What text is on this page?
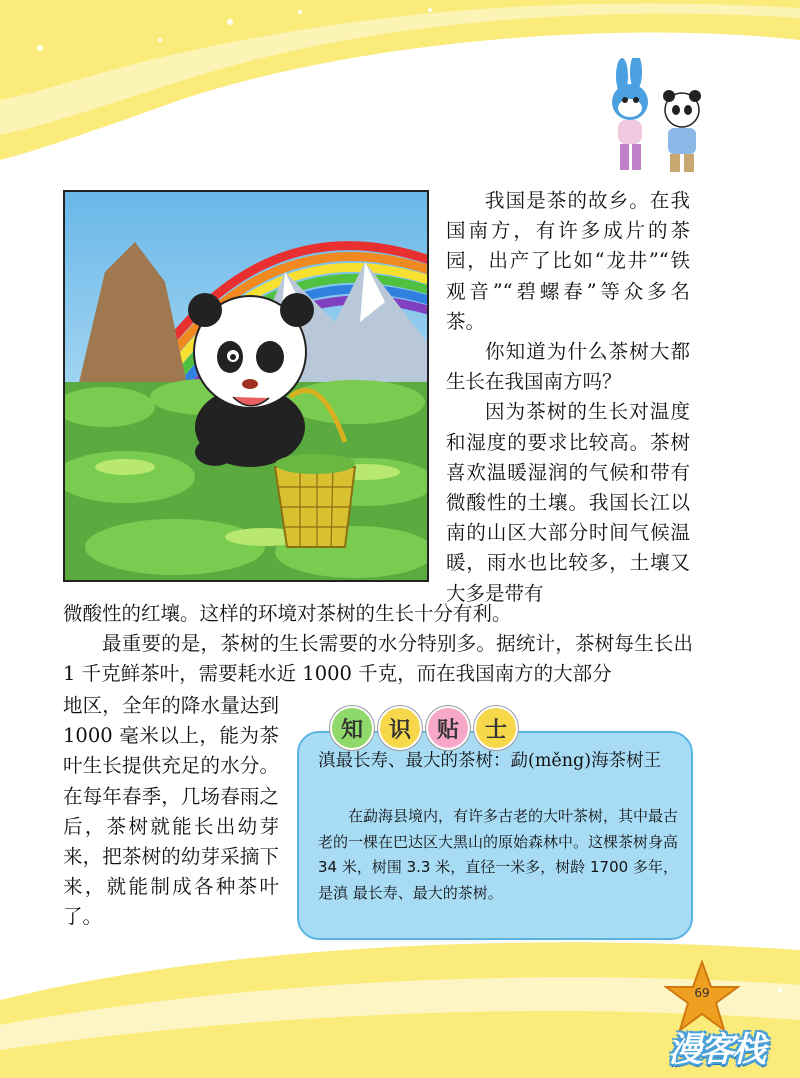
我国是茶的故乡。在我国南方，有许多成片的茶园，出产了比如“龙井”“铁观音”“碧螺春”等众多名茶。

你知道为什么茶树大都生长在我国南方吗？

因为茶树的生长对温度和湿度的要求比较高。茶树喜欢温暖湿润的气候和带有微酸性的土壤。我国长江以南的山区大部分时间气候温暖，雨水也比较多，土壤又大多是带有

微酸性的红壤。这样的环境对茶树的生长十分有利。

最重要的是，茶树的生长需要的水分特别多。据统计，茶树每生长出 1 千克鲜茶叶，需要耗水近 1000 千克，而在我国南方的大部分

地区，全年的降水量达到 1000 毫米以上，能为茶叶生长提供充足的水分。在每年春季，几场春雨之后，茶树就能长出幼芽来，把茶树的幼芽采摘下来，就能制成各种茶叶了。

知	识	贴	士
滇最长寿、最大的茶树：勐(měng)海茶树王

在勐海县境内，有许多古老的大叶茶树，其中最古老的一棵在巴达区大黑山的原始森林中。这棵茶树身高 34 米，树围 3.3 米，直径一米多，树龄 1700 多年，是滇 最长寿、最大的茶树。

69
漫客栈
